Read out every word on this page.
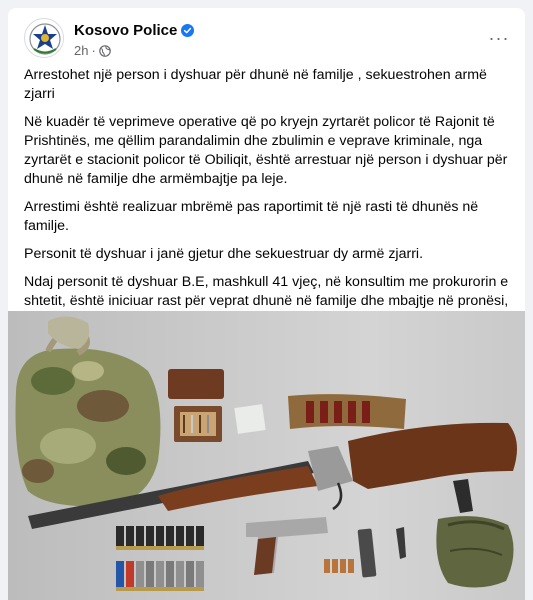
Kosovo Police
2h ·
···

Arrestohet një person i dyshuar për dhunë në familje , sekuestrohen armë zjarri

Në kuadër të veprimeve operative që po kryejn zyrtarët policor të Rajonit të Prishtinës, me qëllim parandalimin dhe zbulimin e veprave kriminale, nga zyrtarët e stacionit policor të Obiliqit, është arrestuar një person i dyshuar për dhunë në familje dhe armëmbajtje pa leje.

Arrestimi është realizuar mbrëmë pas raportimit të një rasti të dhunës në familje.

Personit të dyshuar i janë gjetur dhe sekuestruar dy armë zjarri.

Ndaj personit të dyshuar B.E, mashkull 41 vjeç, në konsultim me prokurorin e shtetit, është iniciuar rast për veprat dhunë në familje dhe mbajtje në pronësi,
